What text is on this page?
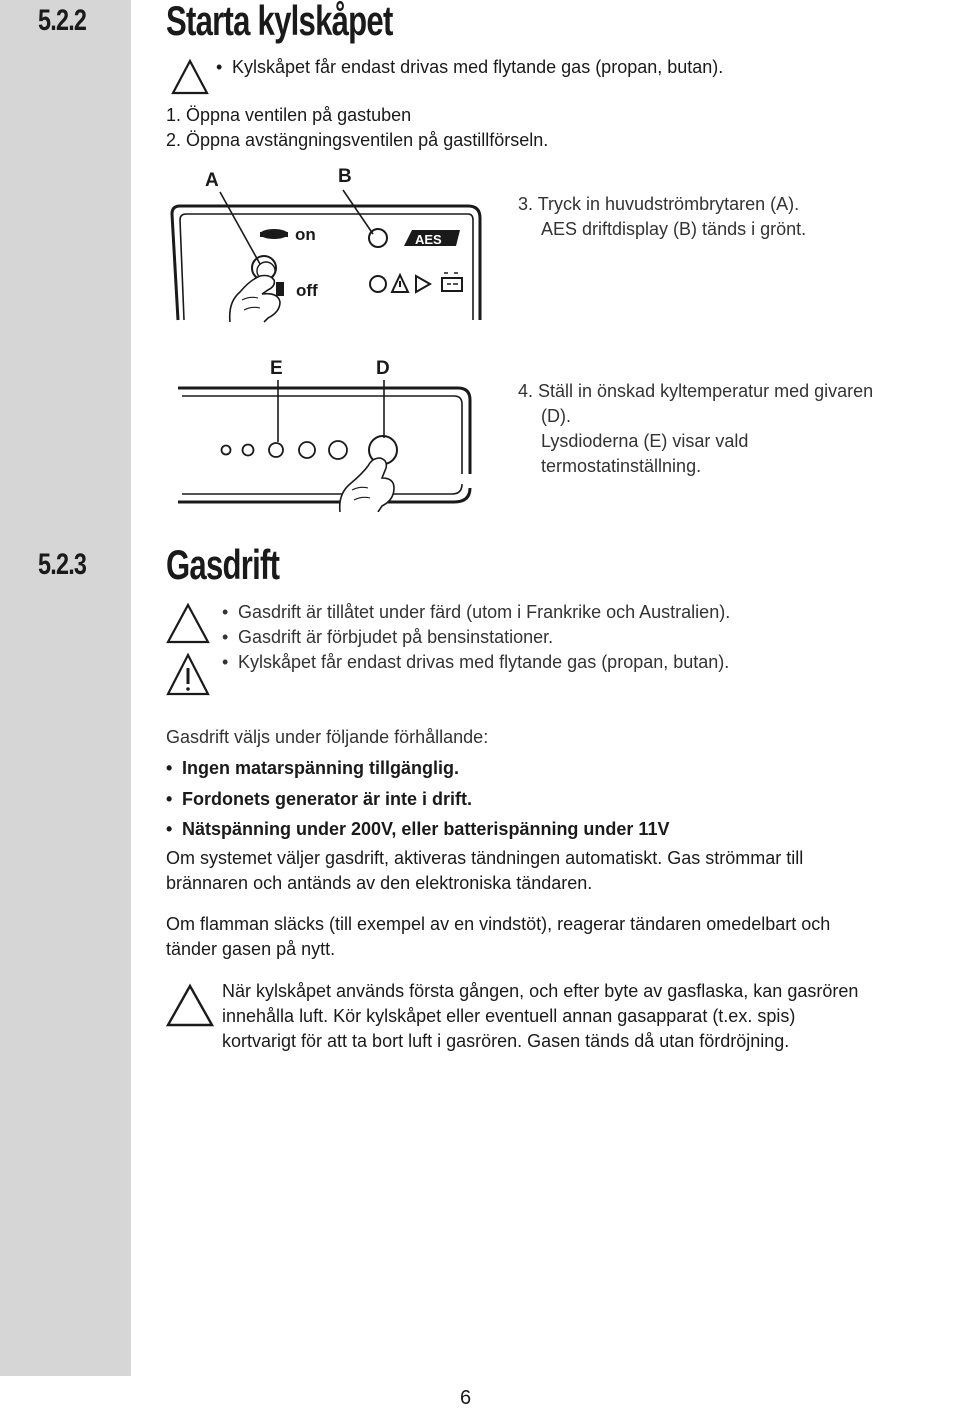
5.2.2 Starta kylskåpet
• Kylskåpet får endast drivas med flytande gas (propan, butan).
1. Öppna ventilen på gastuben
2. Öppna avstängningsventilen på gastillförseln.
A	B
on	AES
off
3. Tryck in huvudströmbrytaren (A).
AES driftdisplay (B) tänds i grönt.
E	D
4. Ställ in önskad kyltemperatur med givaren
(D).
Lysdioderna (E) visar vald
termostatinställning.
5.2.3 Gasdrift
• Gasdrift är tillåtet under färd (utom i Frankrike och Australien).
• Gasdrift är förbjudet på bensinstationer.
• Kylskåpet får endast drivas med flytande gas (propan, butan).
Gasdrift väljs under följande förhållande:
• Ingen matarspänning tillgänglig.
• Fordonets generator är inte i drift.
• Nätspänning under 200V, eller batterispänning under 11V
Om systemet väljer gasdrift, aktiveras tändningen automatiskt. Gas strömmar till
brännaren och antänds av den elektroniska tändaren.
Om flamman släcks (till exempel av en vindstöt), reagerar tändaren omedelbart och
tänder gasen på nytt.
När kylskåpet används första gången, och efter byte av gasflaska, kan gasrören
innehålla luft. Kör kylskåpet eller eventuell annan gasapparat (t.ex. spis)
kortvarigt för att ta bort luft i gasrören. Gasen tänds då utan fördröjning.
6
